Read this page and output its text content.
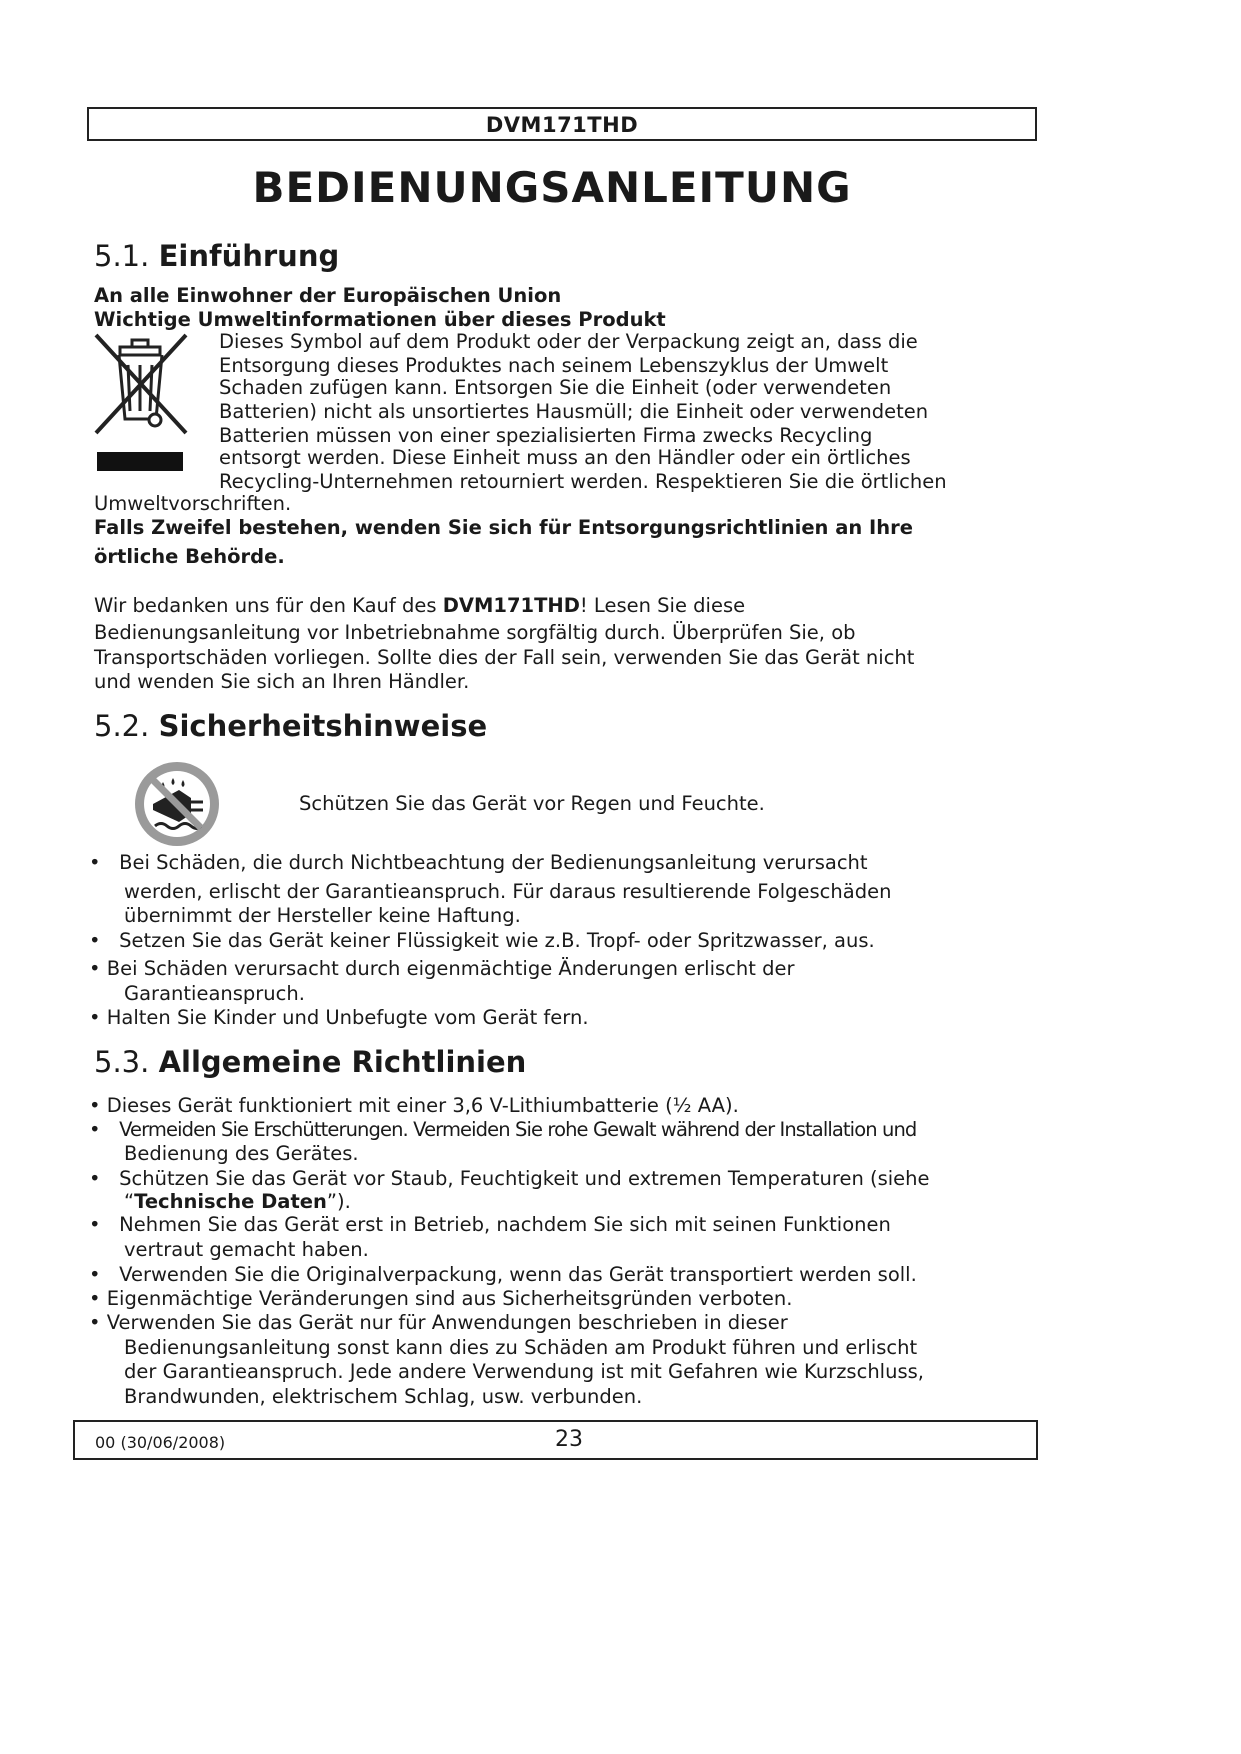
DVM171THD
BEDIENUNGSANLEITUNG
5.1. Einführung
An alle Einwohner der Europäischen Union
Wichtige Umweltinformationen über dieses Produkt
Dieses Symbol auf dem Produkt oder der Verpackung zeigt an, dass die
Entsorgung dieses Produktes nach seinem Lebenszyklus der Umwelt
Schaden zufügen kann. Entsorgen Sie die Einheit (oder verwendeten
Batterien) nicht als unsortiertes Hausmüll; die Einheit oder verwendeten
Batterien müssen von einer spezialisierten Firma zwecks Recycling
entsorgt werden. Diese Einheit muss an den Händler oder ein örtliches
Recycling-Unternehmen retourniert werden. Respektieren Sie die örtlichen
Umweltvorschriften.
Falls Zweifel bestehen, wenden Sie sich für Entsorgungsrichtlinien an Ihre
örtliche Behörde.
Wir bedanken uns für den Kauf des DVM171THD! Lesen Sie diese
Bedienungsanleitung vor Inbetriebnahme sorgfältig durch. Überprüfen Sie, ob
Transportschäden vorliegen. Sollte dies der Fall sein, verwenden Sie das Gerät nicht
und wenden Sie sich an Ihren Händler.
5.2. Sicherheitshinweise
Schützen Sie das Gerät vor Regen und Feuchte.
• Bei Schäden, die durch Nichtbeachtung der Bedienungsanleitung verursacht
werden, erlischt der Garantieanspruch. Für daraus resultierende Folgeschäden
übernimmt der Hersteller keine Haftung.
• Setzen Sie das Gerät keiner Flüssigkeit wie z.B. Tropf- oder Spritzwasser, aus.
• Bei Schäden verursacht durch eigenmächtige Änderungen erlischt der
Garantieanspruch.
• Halten Sie Kinder und Unbefugte vom Gerät fern.
5.3. Allgemeine Richtlinien
• Dieses Gerät funktioniert mit einer 3,6 V-Lithiumbatterie (½ AA).
• Vermeiden Sie Erschütterungen. Vermeiden Sie rohe Gewalt während der Installation und
Bedienung des Gerätes.
• Schützen Sie das Gerät vor Staub, Feuchtigkeit und extremen Temperaturen (siehe
“Technische Daten”).
• Nehmen Sie das Gerät erst in Betrieb, nachdem Sie sich mit seinen Funktionen
vertraut gemacht haben.
• Verwenden Sie die Originalverpackung, wenn das Gerät transportiert werden soll.
• Eigenmächtige Veränderungen sind aus Sicherheitsgründen verboten.
• Verwenden Sie das Gerät nur für Anwendungen beschrieben in dieser
Bedienungsanleitung sonst kann dies zu Schäden am Produkt führen und erlischt
der Garantieanspruch. Jede andere Verwendung ist mit Gefahren wie Kurzschluss,
Brandwunden, elektrischem Schlag, usw. verbunden.
00 (30/06/2008)	23
